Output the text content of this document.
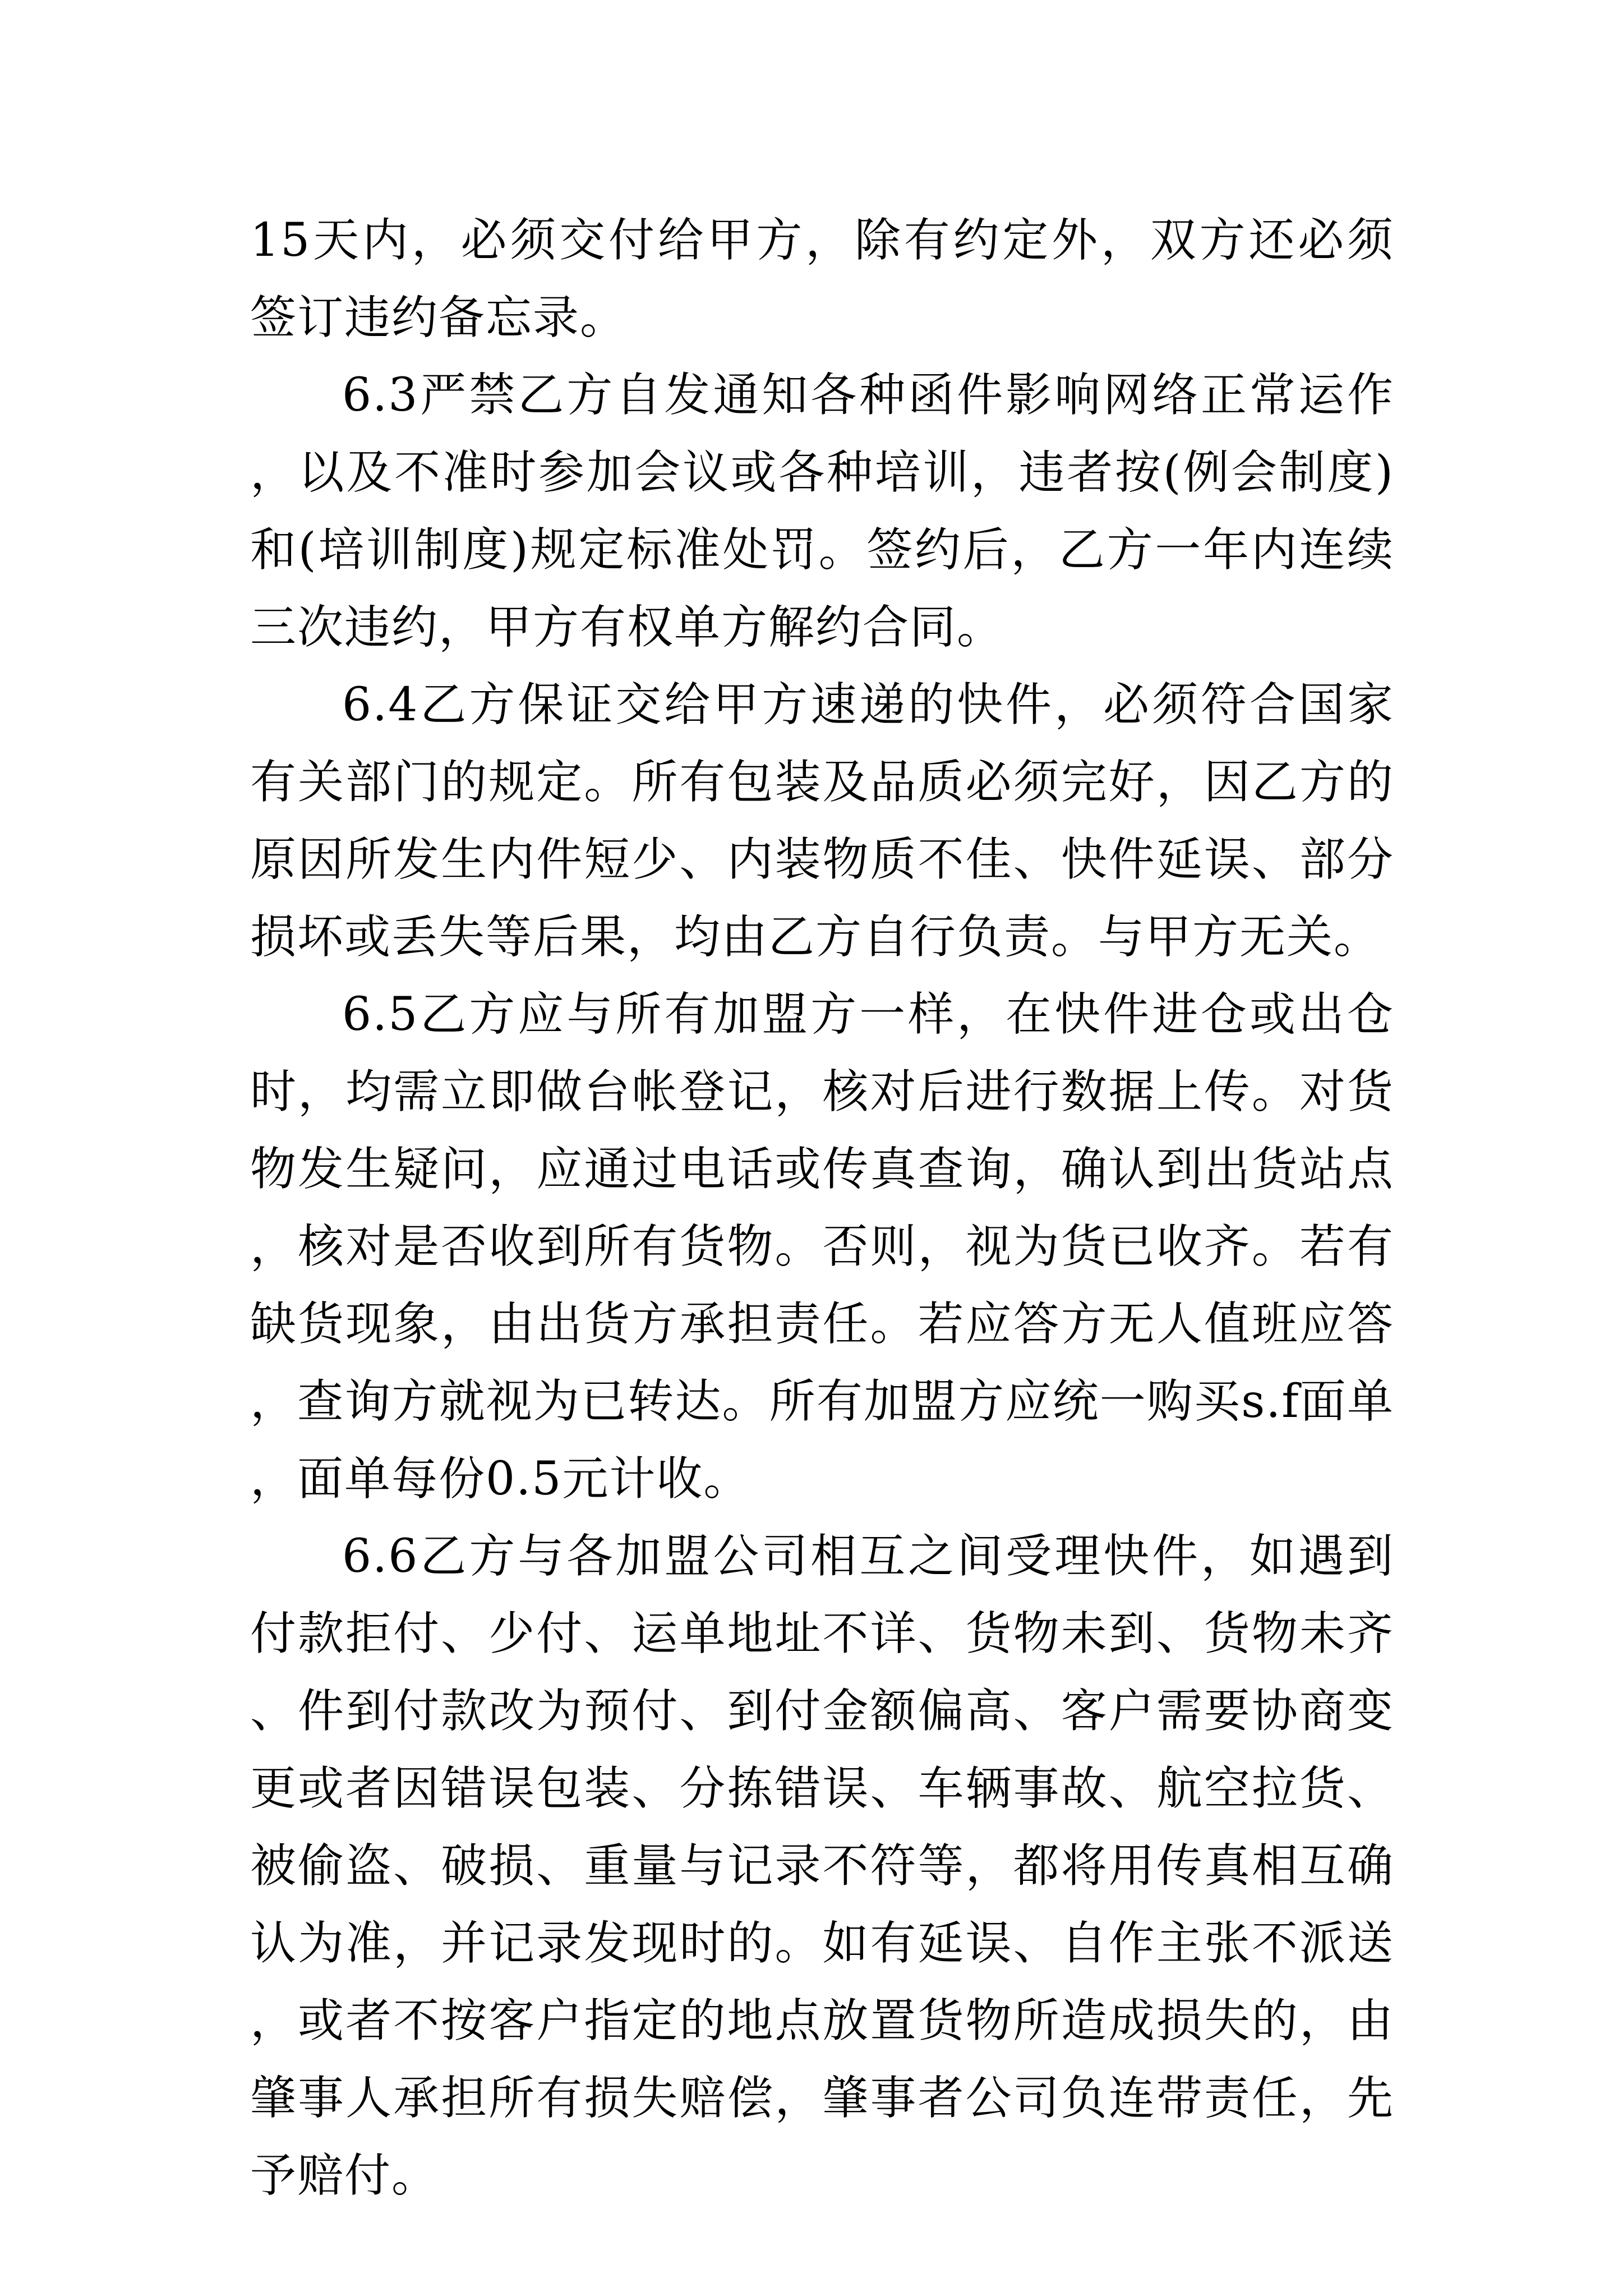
15天内，必须交付给甲方，除有约定外，双方还必须签订违约备忘录。

6.3严禁乙方自发通知各种函件影响网络正常运作，以及不准时参加会议或各种培训，违者按(例会制度)和(培训制度)规定标准处罚。签约后，乙方一年内连续三次违约，甲方有权单方解约合同。

6.4乙方保证交给甲方速递的快件，必须符合国家有关部门的规定。所有包装及品质必须完好，因乙方的原因所发生内件短少、内装物质不佳、快件延误、部分损坏或丢失等后果，均由乙方自行负责。与甲方无关。

6.5乙方应与所有加盟方一样，在快件进仓或出仓时，均需立即做台帐登记，核对后进行数据上传。对货物发生疑问，应通过电话或传真查询，确认到出货站点，核对是否收到所有货物。否则，视为货已收齐。若有缺货现象，由出货方承担责任。若应答方无人值班应答，查询方就视为已转达。所有加盟方应统一购买s.f面单，面单每份0.5元计收。

6.6乙方与各加盟公司相互之间受理快件，如遇到付款拒付、少付、运单地址不详、货物未到、货物未齐、件到付款改为预付、到付金额偏高、客户需要协商变更或者因错误包装、分拣错误、车辆事故、航空拉货、被偷盗、破损、重量与记录不符等，都将用传真相互确认为准，并记录发现时的。如有延误、自作主张不派送，或者不按客户指定的地点放置货物所造成损失的，由肇事人承担所有损失赔偿，肇事者公司负连带责任，先予赔付。
